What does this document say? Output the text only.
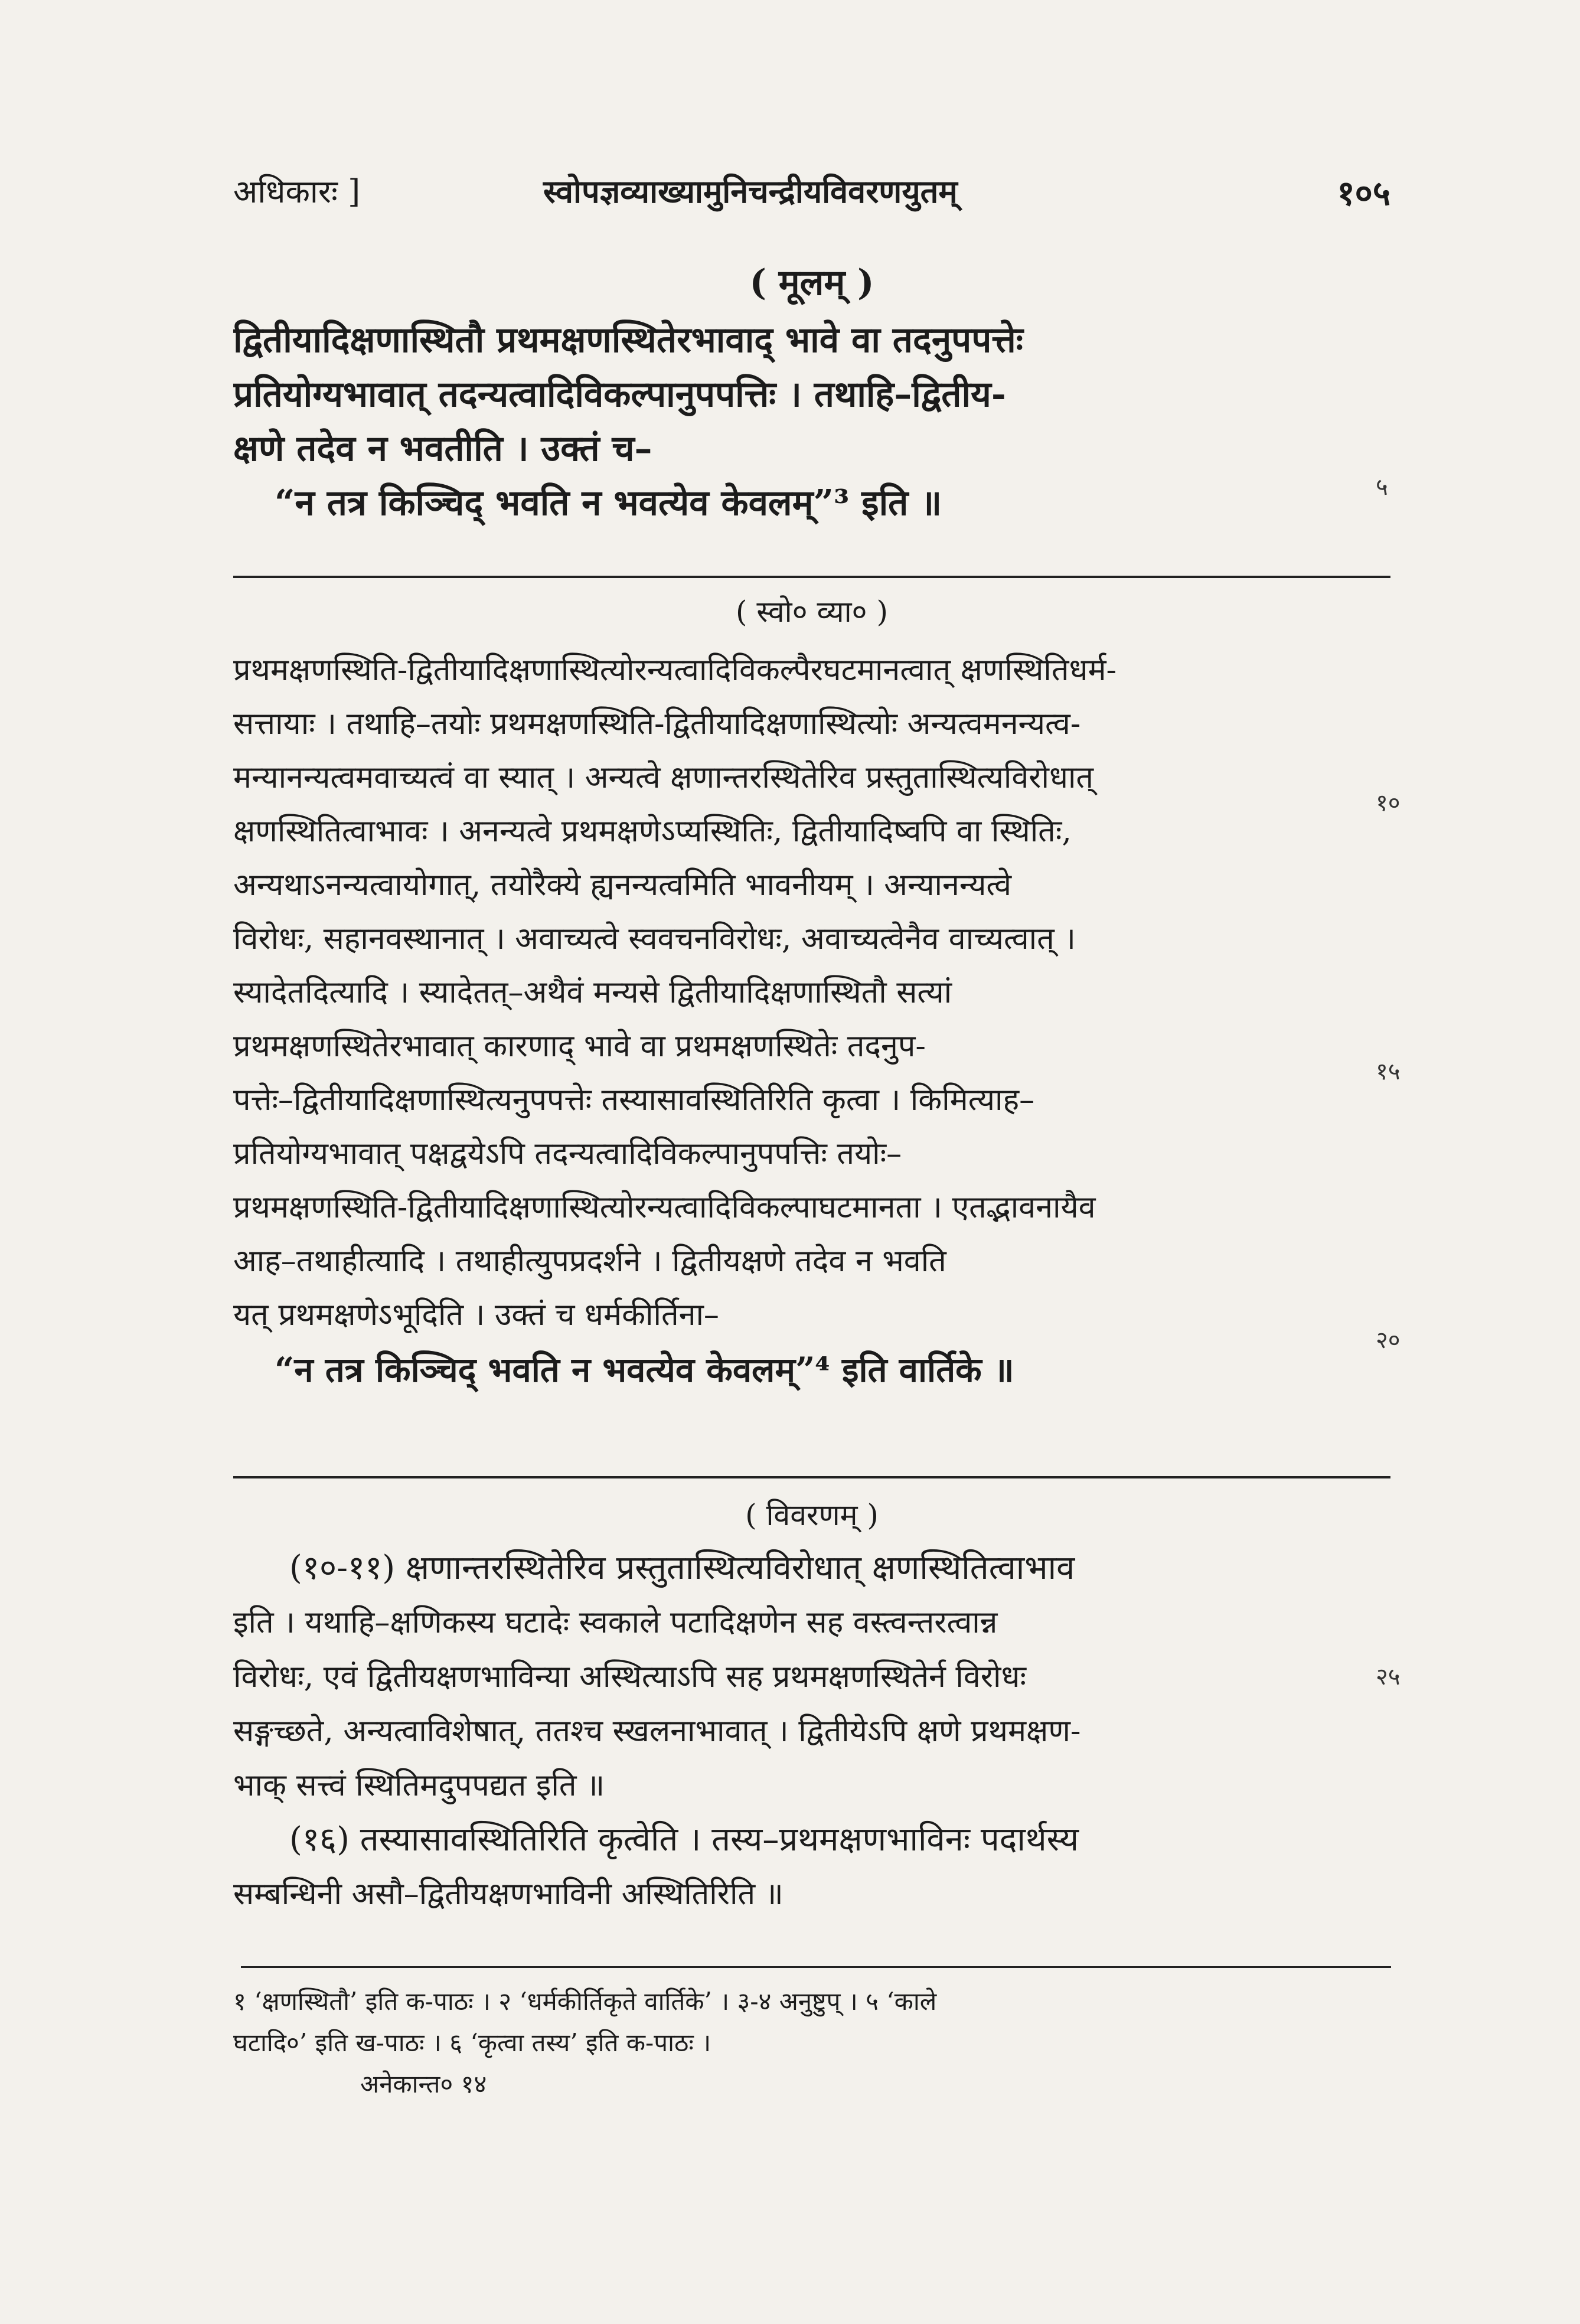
अधिकारः ]	स्वोपज्ञव्याख्यामुनिचन्द्रीयविवरणयुतम्	१०५
( मूलम् )
द्वितीयादिक्षणास्थितौ प्रथमक्षणस्थितेरभावाद् भावे वा तदनुपपत्तेः
प्रतियोग्यभावात् तदन्यत्वादिविकल्पानुपपत्तिः । तथाहि–द्वितीय-
क्षणे तदेव न भवतीति । उक्तं च–
“न तत्र किञ्चिद् भवति न भवत्येव केवलम्”³ इति ॥	५
( स्वो० व्या० )
प्रथमक्षणस्थिति-द्वितीयादिक्षणास्थित्योरन्यत्वादिविकल्पैरघटमानत्वात् क्षणस्थितिधर्म-
सत्तायाः । तथाहि–तयोः प्रथमक्षणस्थिति-द्वितीयादिक्षणास्थित्योः अन्यत्वमनन्यत्व-
मन्यानन्यत्वमवाच्यत्वं वा स्यात् । अन्यत्वे क्षणान्तरस्थितेरिव प्रस्तुतास्थित्यविरोधात्
क्षणस्थितित्वाभावः । अनन्यत्वे प्रथमक्षणेऽप्यस्थितिः, द्वितीयादिष्वपि वा स्थितिः,
अन्यथाऽनन्यत्वायोगात्, तयोरैक्ये ह्यनन्यत्वमिति भावनीयम् । अन्यानन्यत्वे
विरोधः, सहानवस्थानात् । अवाच्यत्वे स्ववचनविरोधः, अवाच्यत्वेनैव वाच्यत्वात् ।
स्यादेतदित्यादि । स्यादेतत्–अथैवं मन्यसे द्वितीयादिक्षणास्थितौ सत्यां
प्रथमक्षणस्थितेरभावात् कारणाद् भावे वा प्रथमक्षणस्थितेः तदनुप-
पत्तेः–द्वितीयादिक्षणास्थित्यनुपपत्तेः तस्यासावस्थितिरिति कृत्वा । किमित्याह–
प्रतियोग्यभावात् पक्षद्वयेऽपि तदन्यत्वादिविकल्पानुपपत्तिः तयोः–
प्रथमक्षणस्थिति-द्वितीयादिक्षणास्थित्योरन्यत्वादिविकल्पाघटमानता । एतद्भावनायैव
आह–तथाहीत्यादि । तथाहीत्युपप्रदर्शने । द्वितीयक्षणे तदेव न भवति
यत् प्रथमक्षणेऽभूदिति । उक्तं च धर्मकीर्तिना–
“न तत्र किञ्चिद् भवति न भवत्येव केवलम्”⁴ इति वार्तिके ॥
१०
१५
२०
( विवरणम् )
(१०-११) क्षणान्तरस्थितेरिव प्रस्तुतास्थित्यविरोधात् क्षणस्थितित्वाभाव
इति । यथाहि–क्षणिकस्य घटादेः स्वकाले पटादिक्षणेन सह वस्त्वन्तरत्वान्न
विरोधः, एवं द्वितीयक्षणभाविन्या अस्थित्याऽपि सह प्रथमक्षणस्थितेर्न विरोधः
सङ्गच्छते, अन्यत्वाविशेषात्, ततश्च स्खलनाभावात् । द्वितीयेऽपि क्षणे प्रथमक्षण-
भाक् सत्त्वं स्थितिमदुपपद्यत इति ॥
(१६) तस्यासावस्थितिरिति कृत्वेति । तस्य–प्रथमक्षणभाविनः पदार्थस्य
सम्बन्धिनी असौ–द्वितीयक्षणभाविनी अस्थितिरिति ॥
२५
१ ‘क्षणस्थितौ’ इति क-पाठः । २ ‘धर्मकीर्तिकृते वार्तिके’ । ३-४ अनुष्टुप् । ५ ‘काले
घटादि०’ इति ख-पाठः । ६ ‘कृत्वा तस्य’ इति क-पाठः ।
अनेकान्त० १४
